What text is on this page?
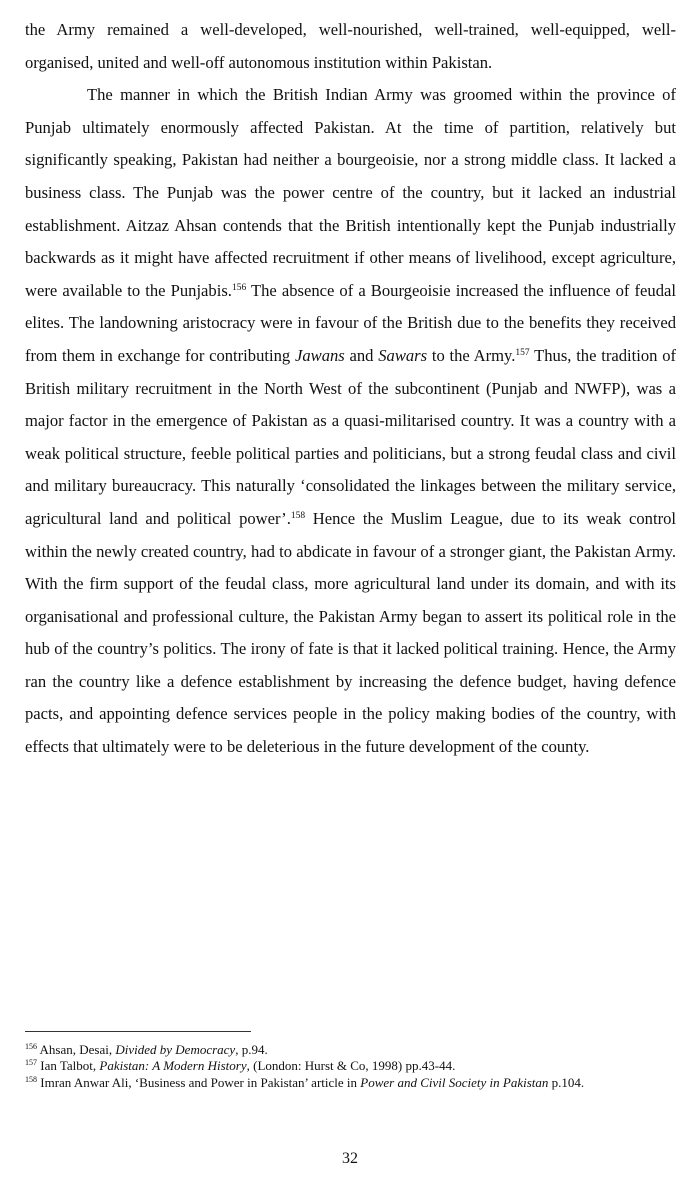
the Army remained a well-developed, well-nourished, well-trained, well-equipped, well-organised, united and well-off autonomous institution within Pakistan.

The manner in which the British Indian Army was groomed within the province of Punjab ultimately enormously affected Pakistan. At the time of partition, relatively but significantly speaking, Pakistan had neither a bourgeoisie, nor a strong middle class. It lacked a business class. The Punjab was the power centre of the country, but it lacked an industrial establishment. Aitzaz Ahsan contends that the British intentionally kept the Punjab industrially backwards as it might have affected recruitment if other means of livelihood, except agriculture, were available to the Punjabis.$^{156}$ The absence of a Bourgeoisie increased the influence of feudal elites. The landowning aristocracy were in favour of the British due to the benefits they received from them in exchange for contributing Jawans and Sawars to the Army.$^{157}$ Thus, the tradition of British military recruitment in the North West of the subcontinent (Punjab and NWFP), was a major factor in the emergence of Pakistan as a quasi-militarised country. It was a country with a weak political structure, feeble political parties and politicians, but a strong feudal class and civil and military bureaucracy. This naturally ‘consolidated the linkages between the military service, agricultural land and political power’.$^{158}$ Hence the Muslim League, due to its weak control within the newly created country, had to abdicate in favour of a stronger giant, the Pakistan Army. With the firm support of the feudal class, more agricultural land under its domain, and with its organisational and professional culture, the Pakistan Army began to assert its political role in the hub of the country’s politics. The irony of fate is that it lacked political training. Hence, the Army ran the country like a defence establishment by increasing the defence budget, having defence pacts, and appointing defence services people in the policy making bodies of the country, with effects that ultimately were to be deleterious in the future development of the county.

$^{156}$ Ahsan, Desai, Divided by Democracy, p.94.

$^{157}$ Ian Talbot, Pakistan: A Modern History, (London: Hurst & Co, 1998) pp.43-44.

$^{158}$ Imran Anwar Ali, ‘Business and Power in Pakistan’ article in Power and Civil Society in Pakistan p.104.

32
